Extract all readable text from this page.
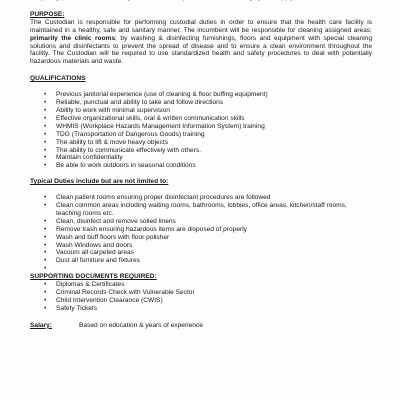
PURPOSE:

The Custodian is responsible for performing custodial duties in order to ensure that the health care facility is maintained in a healthy, safe and sanitary manner. The incumbent will be responsible for cleaning assigned areas; primarily the clinic rooms; by washing & disinfecting furnishings, floors and equipment with special cleaning solutions and disinfectants to prevent the spread of disease and to ensure a clean environment throughout the facility. The Custodian will be required to use standardized health and safety procedures to deal with potentially hazardous materials and waste.

QUALIFICATIONS

• Previous janitorial experience (use of cleaning & floor buffing equipment)
• Reliable, punctual and ability to take and follow directions
• Ability to work with minimal supervision
• Effective organizational skills, oral & written communication skills
• WHMIS (Workplace Hazards Management Information System) training
• TDG (Transportation of Dangerous Goods) training
• The ability to lift & move heavy objects
• The ability to communicate effectively with others.
• Maintain confidentiality
• Be able to work outdoors in seasonal conditions

Typical Duties include but are not limited to:

• Clean patient rooms ensuring proper disinfectant procedures are followed
• Clean common areas including waiting rooms, bathrooms, lobbies, office areas, kitchen/staff rooms, teaching rooms etc.
• Clean, disinfect and remove soiled linens
• Remove trash ensuring hazardous items are disposed of properly
• Wash and buff floors with floor polisher
• Wash Windows and doors
• Vacuum all carpeted areas
• Dust all furniture and fixtures
•

SUPPORTING DOCUMENTS REQUIRED:

• Diplomas & Certificates
• Criminal Records Check with Vulnerable Sector
• Child Intervention Clearance (CWIS)
• Safety Tickets
Salary:	Based on education & years of experience
